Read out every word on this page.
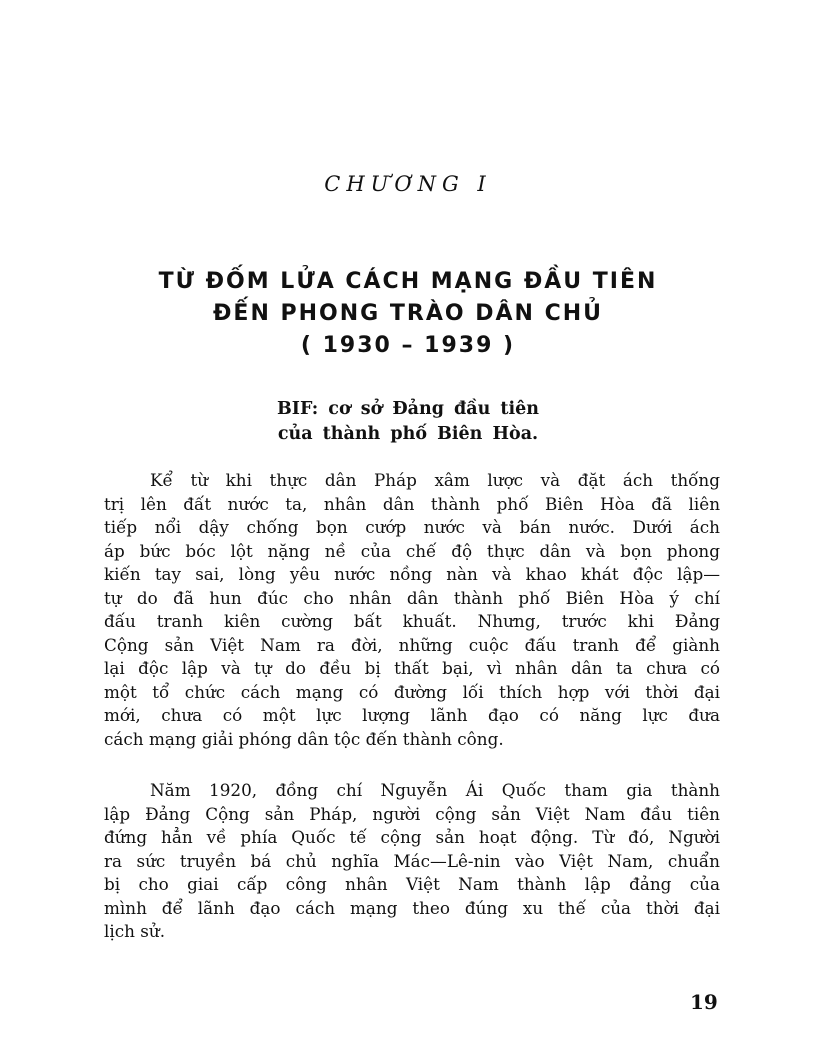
CHƯƠNG I
TỪ ĐỐM LỬA CÁCH MẠNG ĐẦU TIÊN
ĐẾN PHONG TRÀO DÂN CHỦ
( 1930 – 1939 )
BIF: cơ sở Đảng đầu tiên
của thành phố Biên Hòa.
Kể từ khi thực dân Pháp xâm lược và đặt ách thống
trị lên đất nước ta, nhân dân thành phố Biên Hòa đã liên
tiếp nổi dậy chống bọn cướp nước và bán nước. Dưới ách
áp bức bóc lột nặng nề của chế độ thực dân và bọn phong
kiến tay sai, lòng yêu nước nồng nàn và khao khát độc lập—
tự do đã hun đúc cho nhân dân thành phố Biên Hòa ý chí
đấu tranh kiên cường bất khuất. Nhưng, trước khi Đảng
Cộng sản Việt Nam ra đời, những cuộc đấu tranh để giành
lại độc lập và tự do đều bị thất bại, vì nhân dân ta chưa có
một tổ chức cách mạng có đường lối thích hợp với thời đại
mới, chưa có một lực lượng lãnh đạo có năng lực đưa
cách mạng giải phóng dân tộc đến thành công.
Năm 1920, đồng chí Nguyễn Ái Quốc tham gia thành
lập Đảng Cộng sản Pháp, người cộng sản Việt Nam đầu tiên
đứng hẳn về phía Quốc tế cộng sản hoạt động. Từ đó, Người
ra sức truyền bá chủ nghĩa Mác—Lê-nin vào Việt Nam, chuẩn
bị cho giai cấp công nhân Việt Nam thành lập đảng của
mình để lãnh đạo cách mạng theo đúng xu thế của thời đại
lịch sử.
19
